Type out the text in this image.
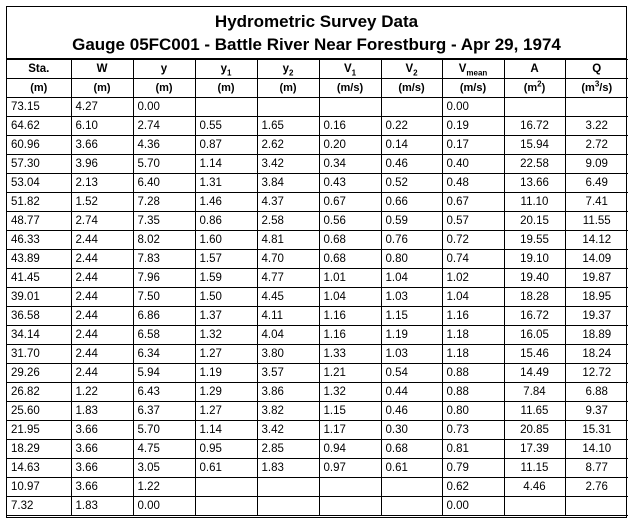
Hydrometric Survey Data
Gauge 05FC001 - Battle River Near Forestburg - Apr 29, 1974
Sta.	W	y	$y_1$	$y_2$	$V_1$	$V_2$	$V_{mean}$	A	Q
(m)	(m)	(m)	(m)	(m)	(m/s)	(m/s)	(m/s)	$(m^2)$	$(m^3/s)$
73.15	4.27	0.00					0.00		
64.62	6.10	2.74	0.55	1.65	0.16	0.22	0.19	16.72	3.22
60.96	3.66	4.36	0.87	2.62	0.20	0.14	0.17	15.94	2.72
57.30	3.96	5.70	1.14	3.42	0.34	0.46	0.40	22.58	9.09
53.04	2.13	6.40	1.31	3.84	0.43	0.52	0.48	13.66	6.49
51.82	1.52	7.28	1.46	4.37	0.67	0.66	0.67	11.10	7.41
48.77	2.74	7.35	0.86	2.58	0.56	0.59	0.57	20.15	11.55
46.33	2.44	8.02	1.60	4.81	0.68	0.76	0.72	19.55	14.12
43.89	2.44	7.83	1.57	4.70	0.68	0.80	0.74	19.10	14.09
41.45	2.44	7.96	1.59	4.77	1.01	1.04	1.02	19.40	19.87
39.01	2.44	7.50	1.50	4.45	1.04	1.03	1.04	18.28	18.95
36.58	2.44	6.86	1.37	4.11	1.16	1.15	1.16	16.72	19.37
34.14	2.44	6.58	1.32	4.04	1.16	1.19	1.18	16.05	18.89
31.70	2.44	6.34	1.27	3.80	1.33	1.03	1.18	15.46	18.24
29.26	2.44	5.94	1.19	3.57	1.21	0.54	0.88	14.49	12.72
26.82	1.22	6.43	1.29	3.86	1.32	0.44	0.88	7.84	6.88
25.60	1.83	6.37	1.27	3.82	1.15	0.46	0.80	11.65	9.37
21.95	3.66	5.70	1.14	3.42	1.17	0.30	0.73	20.85	15.31
18.29	3.66	4.75	0.95	2.85	0.94	0.68	0.81	17.39	14.10
14.63	3.66	3.05	0.61	1.83	0.97	0.61	0.79	11.15	8.77
10.97	3.66	1.22					0.62	4.46	2.76
7.32	1.83	0.00					0.00		
